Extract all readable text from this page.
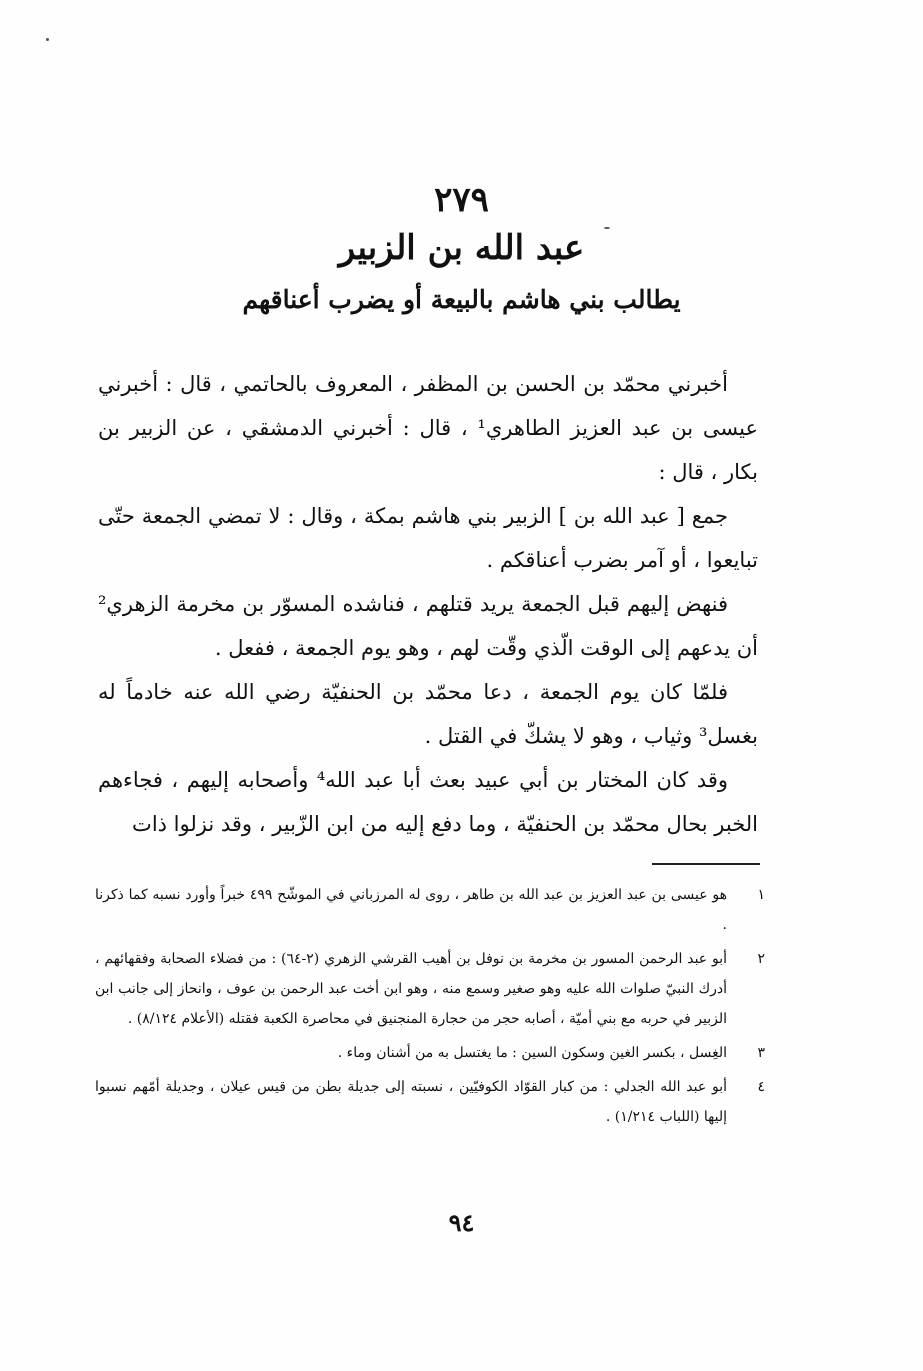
٢٧٩
عبد الله بن الزبير
يطالب بني هاشم بالبيعة أو يضرب أعناقهم

أخبرني محمّد بن الحسن بن المظفر ، المعروف بالحاتمي ، قال : أخبرني عيسى بن عبد العزيز الطاهري¹ ، قال : أخبرني الدمشقي ، عن الزبير بن بكار ، قال :

جمع [ عبد الله بن ] الزبير بني هاشم بمكة ، وقال : لا تمضي الجمعة حتّى تبايعوا ، أو آمر بضرب أعناقكم .

فنهض إليهم قبل الجمعة يريد قتلهم ، فناشده المسوّر بن مخرمة الزهري² أن يدعهم إلى الوقت الّذي وقّت لهم ، وهو يوم الجمعة ، ففعل .

فلمّا كان يوم الجمعة ، دعا محمّد بن الحنفيّة رضي الله عنه خادماً له بغسل³ وثياب ، وهو لا يشكّ في القتل .

وقد كان المختار بن أبي عبيد بعث أبا عبد الله⁴ وأصحابه إليهم ، فجاءهم الخبر بحال محمّد بن الحنفيّة ، وما دفع إليه من ابن الزّبير ، وقد نزلوا ذات

١
هو عيسى بن عبد العزيز بن عبد الله بن طاهر ، روى له المرزباني في الموشّح ٤٩٩ خبراً وأورد نسبه كما ذكرنا .
٢
أبو عبد الرحمن المسور بن مخرمة بن نوفل بن أهيب القرشي الزهري (٢-٦٤) : من فضلاء الصحابة وفقهائهم ، أدرك النبيّ صلوات الله عليه وهو صغير وسمع منه ، وهو ابن أخت عبد الرحمن بن عوف ، وانحاز إلى جانب ابن الزبير في حربه مع بني أميّة ، أصابه حجر من حجارة المنجنيق في محاصرة الكعبة فقتله (الأعلام ٨/١٢٤) .
٣
الغِسل ، بكسر الغين وسكون السين : ما يغتسل به من أشنان وماء .
٤
أبو عبد الله الجدلي : من كبار القوّاد الكوفيّين ، نسبته إلى جديلة بطن من قيس عيلان ، وجديلة أمّهم نسبوا إليها (اللباب ١/٢١٤) .
٩٤
